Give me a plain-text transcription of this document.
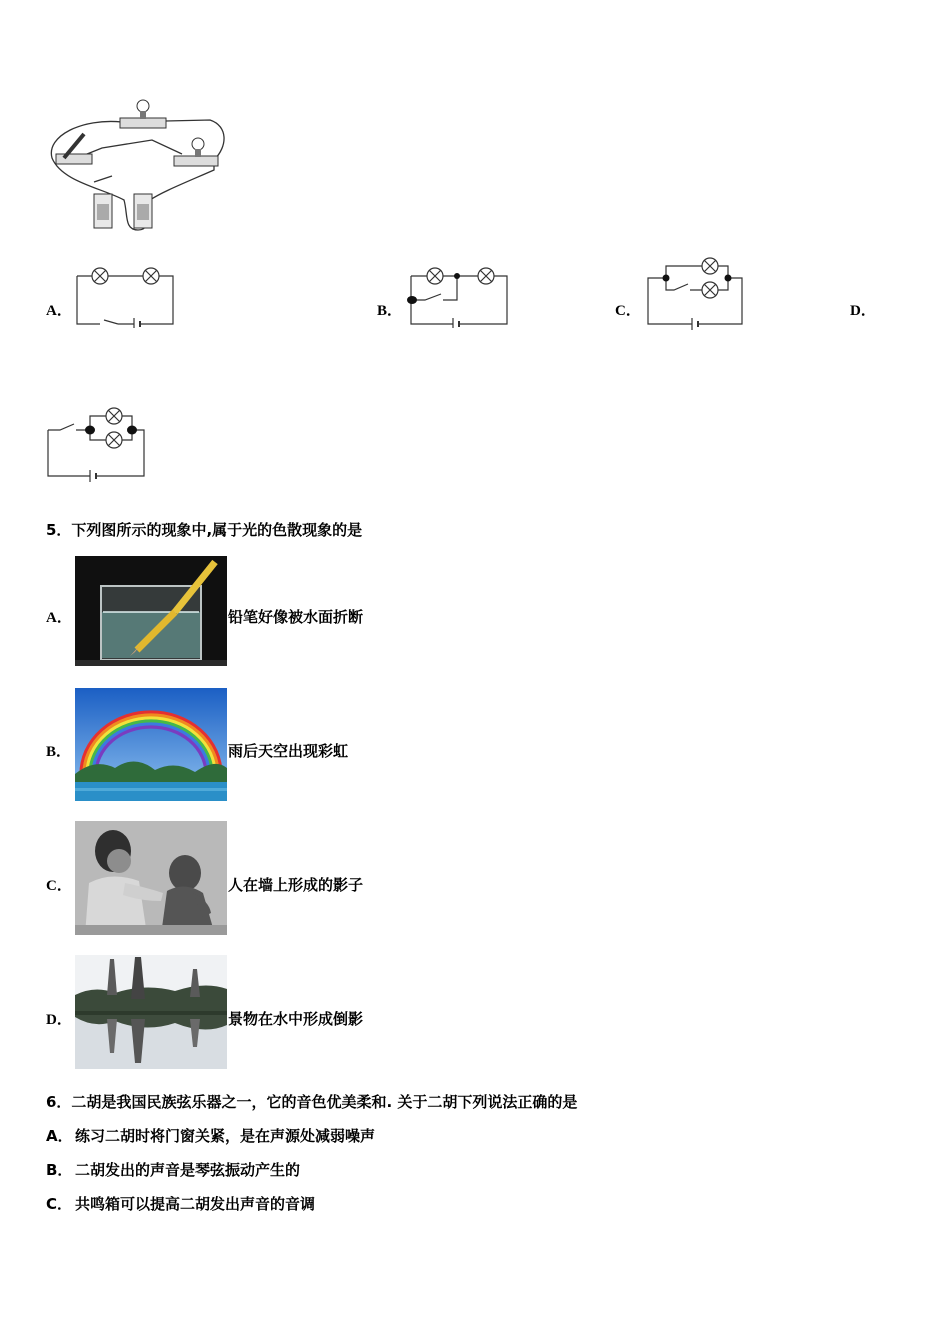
A．	B．	C．	D．
5．下列图所示的现象中,属于光的色散现象的是
A．	铅笔好像被水面折断
B．	雨后天空出现彩虹
C．	人在墙上形成的影子
D．	景物在水中形成倒影
6．二胡是我国民族弦乐器之一，它的音色优美柔和. 关于二胡下列说法正确的是
A． 练习二胡时将门窗关紧，是在声源处减弱噪声
B． 二胡发出的声音是琴弦振动产生的
C． 共鸣箱可以提高二胡发出声音的音调
